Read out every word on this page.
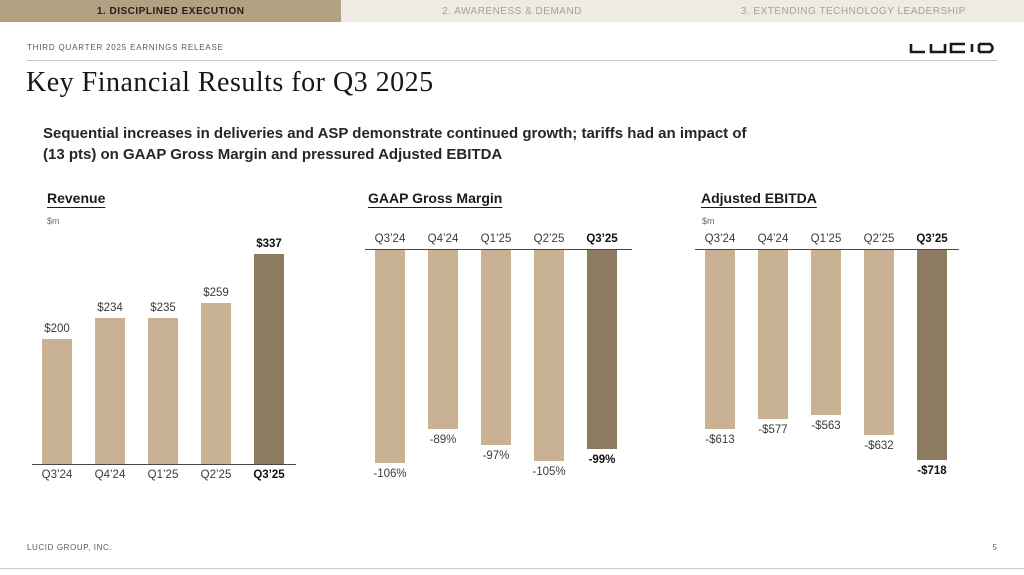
1. DISCIPLINED EXECUTION	2. AWARENESS & DEMAND	3. EXTENDING TECHNOLOGY LEADERSHIP
THIRD QUARTER 2025 EARNINGS RELEASE
Key Financial Results for Q3 2025
Sequential increases in deliveries and ASP demonstrate continued growth; tariffs had an impact of
(13 pts) on GAAP Gross Margin and pressured Adjusted EBITDA
Revenue
$m
$200
$234 $235
$259
$337
Q3’24 Q4’24 Q1’25 Q2’25 Q3’25
GAAP Gross Margin
Q3’24 Q4’24 Q1’25 Q2’25 Q3’25
-106%
-89%
-97%
-105%
-99%
Adjusted EBITDA
$m
Q3’24 Q4’24 Q1’25 Q2’25 Q3’25
-$613
-$577 -$563
-$632
-$718
LUCID GROUP, INC.	5
